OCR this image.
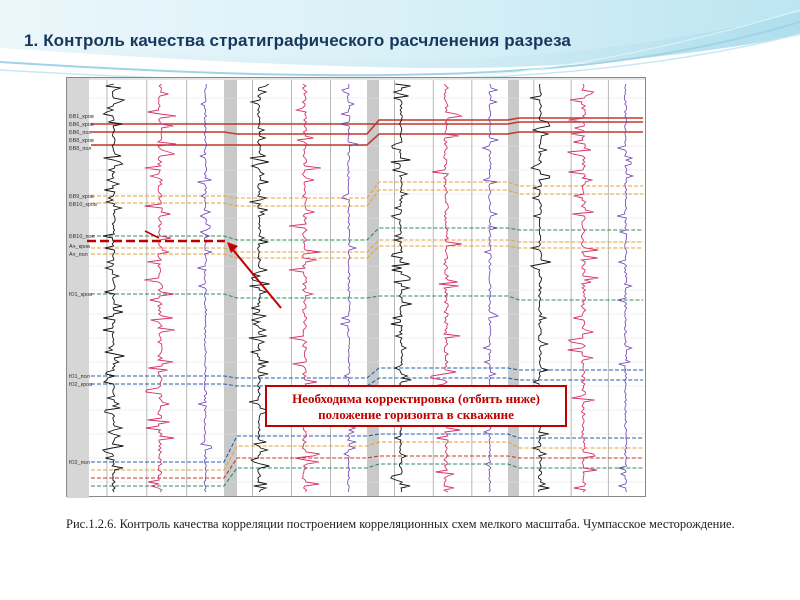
1. Контроль качества стратиграфического расчленения разреза
БВ1_кров
БВ6_кров
БВ6_пол
БВ8_кров
БВ8_пол
БВ9_кров
БВ10_кров
БВ10_пол
Ач_кров
Ач_пол
Ю1_кров
Ю1_пол
Ю2_кров
Ю2_пол
Необходима корректировка (отбить ниже)
положение горизонта в скважине
Рис.1.2.6. Контроль качества корреляции построением корреляционных схем мелкого масштаба. Чумпасское месторождение.
